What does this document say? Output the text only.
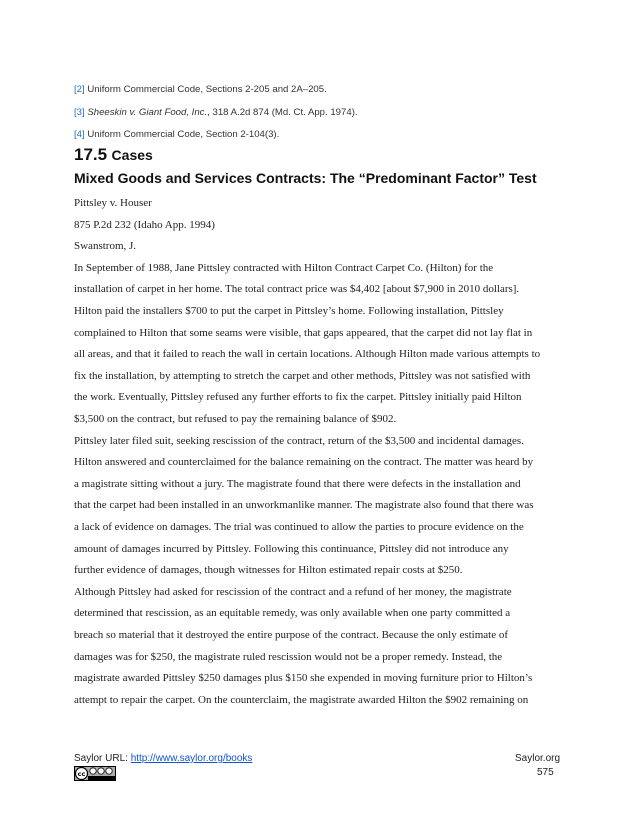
[2] Uniform Commercial Code, Sections 2-205 and 2A–205.
[3] Sheeskin v. Giant Food, Inc., 318 A.2d 874 (Md. Ct. App. 1974).
[4] Uniform Commercial Code, Section 2-104(3).
17.5 Cases
Mixed Goods and Services Contracts: The “Predominant Factor” Test
Pittsley v. Houser
875 P.2d 232 (Idaho App. 1994)
Swanstrom, J.
In September of 1988, Jane Pittsley contracted with Hilton Contract Carpet Co. (Hilton) for the
installation of carpet in her home. The total contract price was $4,402 [about $7,900 in 2010 dollars].
Hilton paid the installers $700 to put the carpet in Pittsley’s home. Following installation, Pittsley
complained to Hilton that some seams were visible, that gaps appeared, that the carpet did not lay flat in
all areas, and that it failed to reach the wall in certain locations. Although Hilton made various attempts to
fix the installation, by attempting to stretch the carpet and other methods, Pittsley was not satisfied with
the work. Eventually, Pittsley refused any further efforts to fix the carpet. Pittsley initially paid Hilton
$3,500 on the contract, but refused to pay the remaining balance of $902.
Pittsley later filed suit, seeking rescission of the contract, return of the $3,500 and incidental damages.
Hilton answered and counterclaimed for the balance remaining on the contract. The matter was heard by
a magistrate sitting without a jury. The magistrate found that there were defects in the installation and
that the carpet had been installed in an unworkmanlike manner. The magistrate also found that there was
a lack of evidence on damages. The trial was continued to allow the parties to procure evidence on the
amount of damages incurred by Pittsley. Following this continuance, Pittsley did not introduce any
further evidence of damages, though witnesses for Hilton estimated repair costs at $250.
Although Pittsley had asked for rescission of the contract and a refund of her money, the magistrate
determined that rescission, as an equitable remedy, was only available when one party committed a
breach so material that it destroyed the entire purpose of the contract. Because the only estimate of
damages was for $250, the magistrate ruled rescission would not be a proper remedy. Instead, the
magistrate awarded Pittsley $250 damages plus $150 she expended in moving furniture prior to Hilton’s
attempt to repair the carpet. On the counterclaim, the magistrate awarded Hilton the $902 remaining on
Saylor URL: http://www.saylor.org/books
cc
Saylor.org
575
